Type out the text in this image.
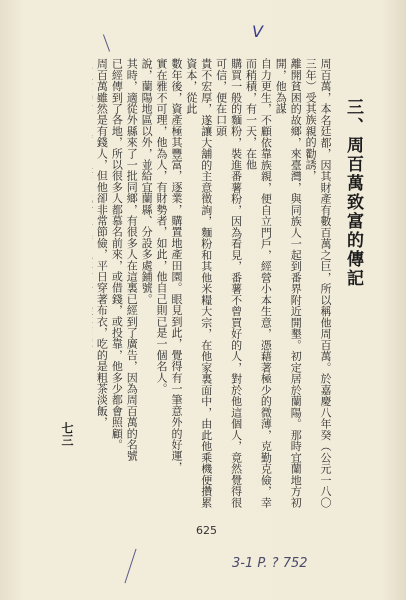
V
三、周百萬致富的傳記
周百萬，本名廷都，因其財產有數百萬之巨，所以稱他周百萬。於嘉慶八年癸（公元一八〇三年）受其族親的勸誘，
離開貧困的故鄉，來臺灣，與同族人一起到番界附近開墾。初定居於蘭陽。那時宜蘭地方初開，他為謀
自力更生，不顧依靠族親，便自立門戶，經營小本生意，憑藉著極少的微薄，克勤克儉，幸而稍積，有一天，在他
購買一般的麵粉，裝進番薯粉，因為看見，番薯不曾買好的人，對於他這個人，竟然覺得很可信，便在口頭
貴不宏厚，遂讓大舖的主意徵詢，麵粉和其他米糧大宗，在他家裏面中，由此他乘機便攢累資本，從此
數年後，資產極其豐富，逐業，購置地產田園。眼見到此，覺得有一筆意外的好運，
實在雅不可理，他為人，有財勢者，如此，他自己則已是一個名人。
說，蘭陽地區以外，並給宜蘭縣、分設多處鋪號。
其時，適從外縣來了一批同鄉，有很多人在這裏已經到了廣告，因為周百萬的名號
已經傳到了各地，所以很多人都慕名前來，或借錢，或投靠，他多少都會照顧。
周百萬雖然是有錢人，但他卻非常節儉，平日穿著布衣，吃的是粗茶淡飯，
七三
625
3-1 P. ? 752
